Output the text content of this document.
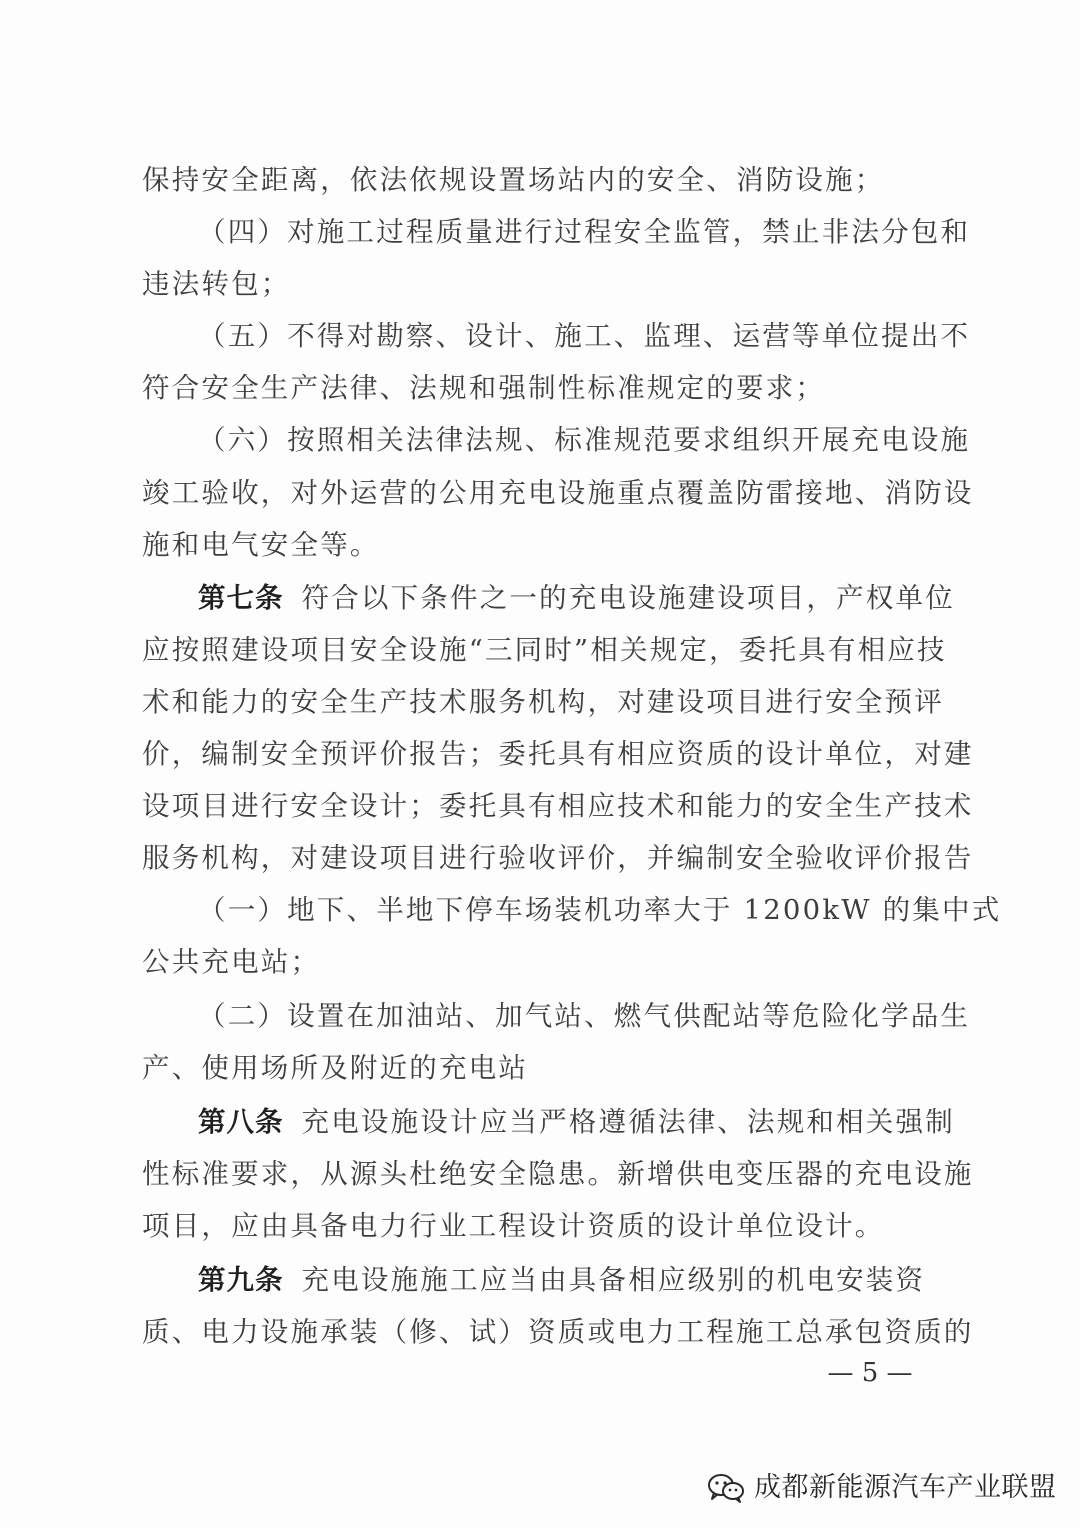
保持安全距离，依法依规设置场站内的安全、消防设施；
（四）对施工过程质量进行过程安全监管，禁止非法分包和
违法转包；
（五）不得对勘察、设计、施工、监理、运营等单位提出不
符合安全生产法律、法规和强制性标准规定的要求；
（六）按照相关法律法规、标准规范要求组织开展充电设施
竣工验收，对外运营的公用充电设施重点覆盖防雷接地、消防设
施和电气安全等。
第七条 符合以下条件之一的充电设施建设项目，产权单位
应按照建设项目安全设施“三同时”相关规定，委托具有相应技
术和能力的安全生产技术服务机构，对建设项目进行安全预评
价，编制安全预评价报告；委托具有相应资质的设计单位，对建
设项目进行安全设计；委托具有相应技术和能力的安全生产技术
服务机构，对建设项目进行验收评价，并编制安全验收评价报告
（一）地下、半地下停车场装机功率大于 1200kW 的集中式
公共充电站；
（二）设置在加油站、加气站、燃气供配站等危险化学品生
产、使用场所及附近的充电站
第八条 充电设施设计应当严格遵循法律、法规和相关强制
性标准要求，从源头杜绝安全隐患。新增供电变压器的充电设施
项目，应由具备电力行业工程设计资质的设计单位设计。
第九条 充电设施施工应当由具备相应级别的机电安装资
质、电力设施承装（修、试）资质或电力工程施工总承包资质的
— 5 —
成都新能源汽车产业联盟
